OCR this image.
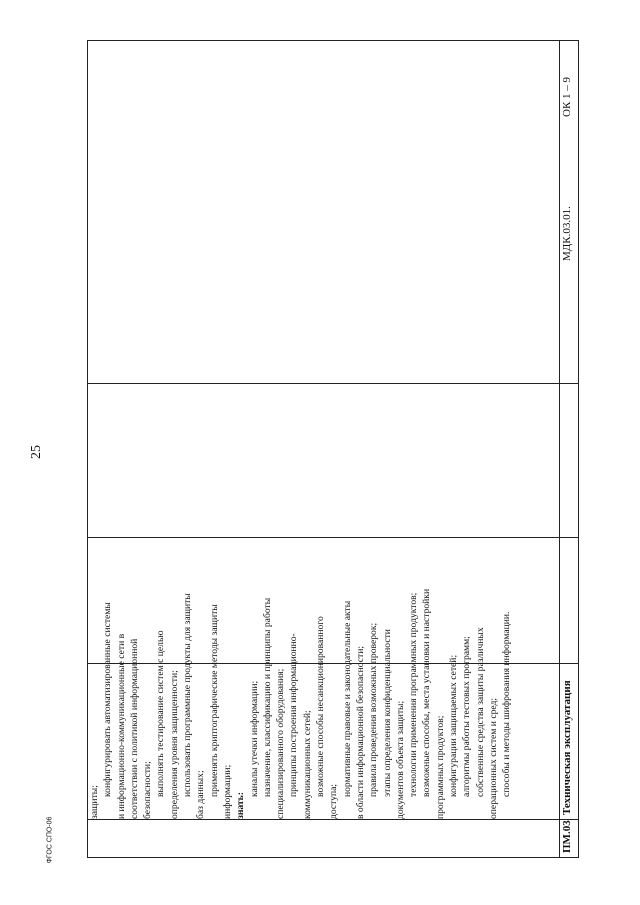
25
ФГОС СПО-06
защиты;
конфигурировать автоматизированные системы и информационно-коммуникационные сети в соответствии с политикой информационной безопасности; выполнять тестирование систем с целью определения уровня защищенности; использовать программные продукты для защиты баз данных; применять криптографические методы защиты информации; знать:
каналы утечки информации; назначение, классификацию и принципы работы специализированного оборудования; принципы построения информационно- коммуникационных сетей; возможные способы несанкционированного
доступа;
нормативные правовые и законодательные акты в области информационной безопасности; правила проведения возможных проверок; этапы определения конфиденциальности документов объекта защиты; технологии применения программных продуктов; возможные способы, места установки и настройки программных продуктов; конфигурации защищаемых сетей; алгоритмы работы тестовых программ; собственные средства защиты различных операционных систем и сред; способы и методы шифрования информации.
ПМ.03
Техническая эксплуатация
МДК.03.01.
ОК 1 – 9
